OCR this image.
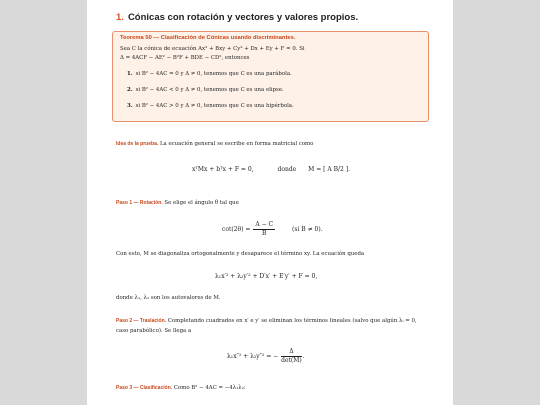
1. Cónicas con rotación y vectores y valores propios.
Teorema 50 — Clasificación de Cónicas usando discriminantes.
Sea C la cónica de ecuación Ax² + Bxy + Cy² + Dx + Ey + F = 0. Si
Δ = 4ACF − AE² − B²F + BDE − CD², entonces
1. si B² − 4AC = 0 y Δ ≠ 0, tenemos que C es una parábola.
2. si B² − 4AC < 0 y Δ ≠ 0, tenemos que C es una elipse.
3. si B² − 4AC > 0 y Δ ≠ 0, tenemos que C es una hipérbola.
Idea de la prueba. La ecuación general se escribe en forma matricial como
xᵀMx + bᵀx + F = 0,	donde M = [ A B/2 ].
Paso 1 — Rotación. Se elige el ángulo θ tal que
$\cot(2\theta) = \frac{A - C}{B}$	(si B ≠ 0).
Con esto, M se diagonaliza ortogonalmente y desaparece el término xy. La ecuación queda
λ₁x′² + λ₂y′² + D′x′ + E′y′ + F = 0,
donde λ₁, λ₂ son los autovalores de M.
Paso 2 — Traslación. Completando cuadrados en x′ e y′ se eliminan los términos lineales (salvo que algún λᵢ = 0,
caso parabólico). Se llega a
λ₁x″² + λ₂y″² = − $\frac{\Delta}{\det(M)}$ .
Paso 3 — Clasificación. Como B² − 4AC = −4λ₁λ₂:
